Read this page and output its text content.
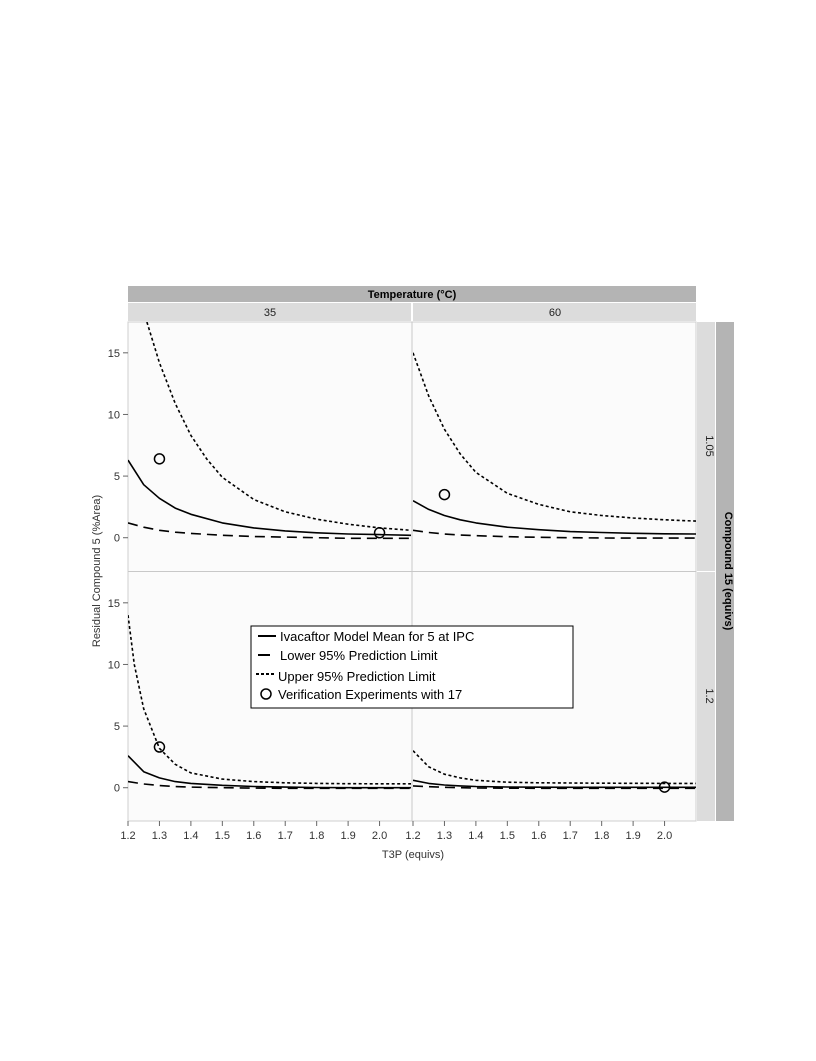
Temperature (°C)
35	60
1.05
1.2
Compound 15 (equivs)
Residual Compound 5 (%Area)
T3P (equivs)
0
5
10
15
0
5
10
15
1.2 1.3 1.4 1.5 1.6 1.7 1.8 1.9 2.0 1.2 1.3 1.4 1.5 1.6 1.7 1.8 1.9 2.0
Ivacaftor Model Mean for 5 at IPC
Lower 95% Prediction Limit
Upper 95% Prediction Limit
Verification Experiments with 17
